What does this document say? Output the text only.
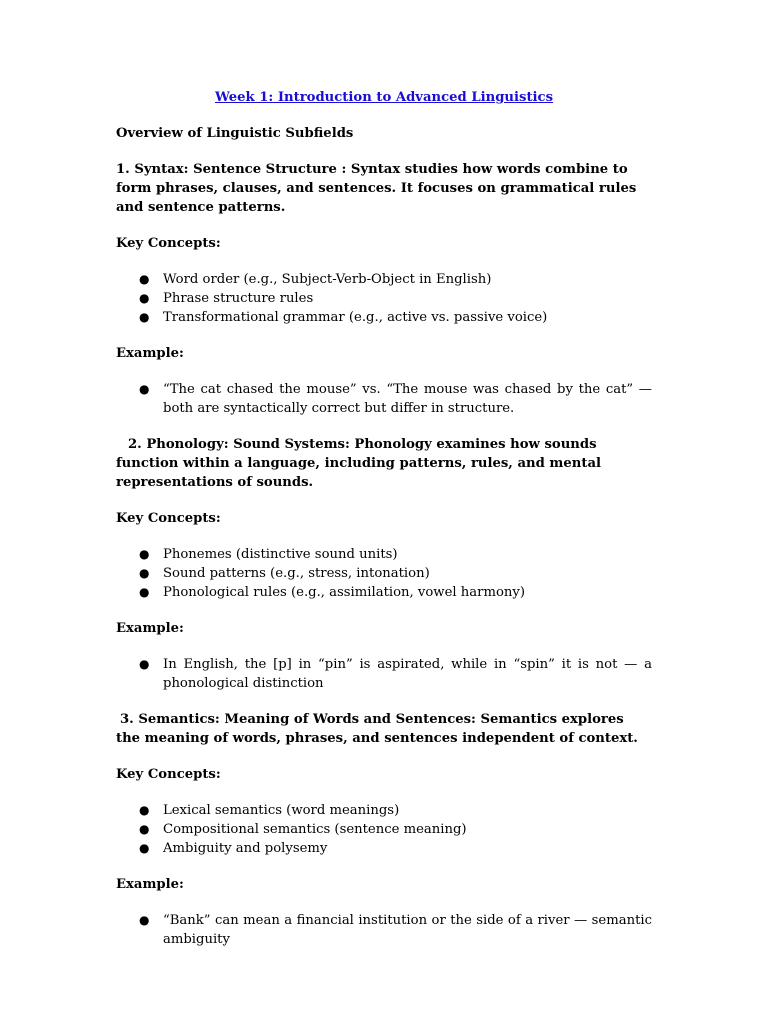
Week 1: Introduction to Advanced Linguistics

Overview of Linguistic Subfields

1. Syntax: Sentence Structure : Syntax studies how words combine to form phrases, clauses, and sentences. It focuses on grammatical rules and sentence patterns.

Key Concepts:

● Word order (e.g., Subject-Verb-Object in English)
● Phrase structure rules
● Transformational grammar (e.g., active vs. passive voice)

Example:

● “The cat chased the mouse” vs. “The mouse was chased by the cat” — both are syntactically correct but differ in structure.

2. Phonology: Sound Systems: Phonology examines how sounds function within a language, including patterns, rules, and mental representations of sounds.

Key Concepts:

● Phonemes (distinctive sound units)
● Sound patterns (e.g., stress, intonation)
● Phonological rules (e.g., assimilation, vowel harmony)

Example:

● In English, the [p] in “pin” is aspirated, while in “spin” it is not — a phonological distinction

3. Semantics: Meaning of Words and Sentences: Semantics explores the meaning of words, phrases, and sentences independent of context.

Key Concepts:

● Lexical semantics (word meanings)
● Compositional semantics (sentence meaning)
● Ambiguity and polysemy

Example:

● “Bank” can mean a financial institution or the side of a river — semantic ambiguity
